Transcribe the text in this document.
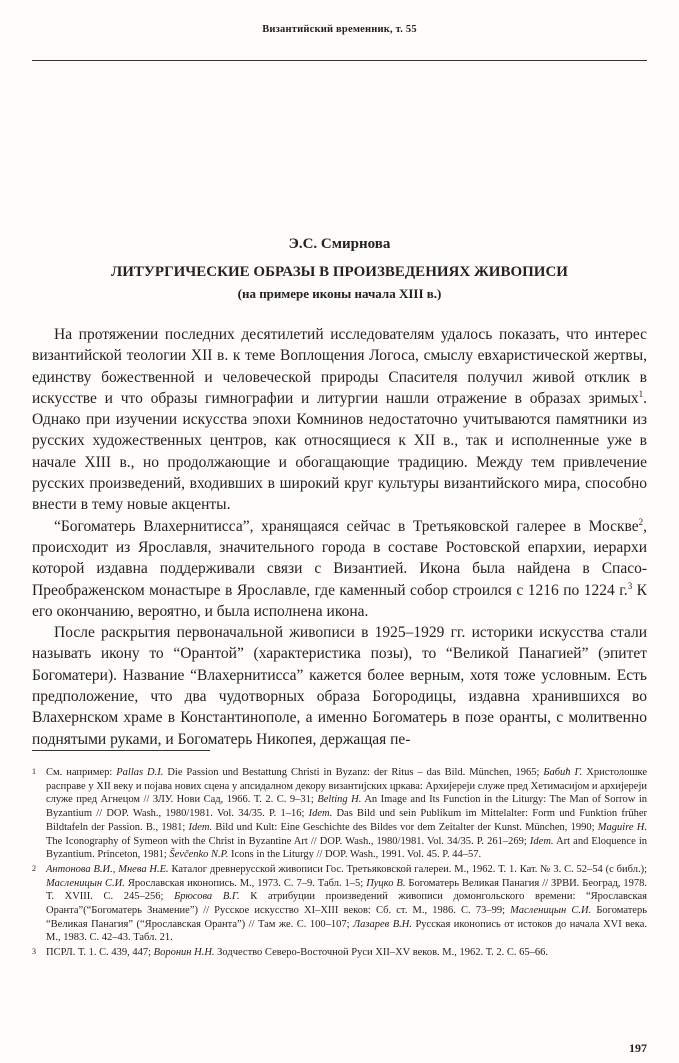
Византийский временник, т. 55
Э.С. Смирнова
ЛИТУРГИЧЕСКИЕ ОБРАЗЫ В ПРОИЗВЕДЕНИЯХ ЖИВОПИСИ
(на примере иконы начала XIII в.)

На протяжении последних десятилетий исследователям удалось показать, что интерес византийской теологии XII в. к теме Воплощения Логоса, смыслу евхаристической жертвы, единству божественной и человеческой природы Спасителя получил живой отклик в искусстве и что образы гимнографии и литургии нашли отражение в образах зримых$^1$. Однако при изучении искусства эпохи Комнинов недостаточно учитываются памятники из русских художественных центров, как относящиеся к XII в., так и исполненные уже в начале XIII в., но продолжающие и обогащающие традицию. Между тем привлечение русских произведений, входивших в широкий круг культуры византийского мира, способно внести в тему новые акценты.

“Богоматерь Влахернитисса”, хранящаяся сейчас в Третьяковской галерее в Москве$^2$, происходит из Ярославля, значительного города в составе Ростовской епархии, иерархи которой издавна поддерживали связи с Византией. Икона была найдена в Спасо-Преображенском монастыре в Ярославле, где каменный собор строился с 1216 по 1224 г.$^3$ К его окончанию, вероятно, и была исполнена икона.

После раскрытия первоначальной живописи в 1925–1929 гг. историки искусства стали называть икону то “Орантой” (характеристика позы), то “Великой Панагией” (эпитет Богоматери). Название “Влахернитисса” кажется более верным, хотя тоже условным. Есть предположение, что два чудотворных образа Богородицы, издавна хранившихся во Влахернском храме в Константинополе, а именно Богоматерь в позе оранты, с молитвенно поднятыми руками, и Богоматерь Никопея, держащая пе-

1 См. например: Pallas D.I. Die Passion und Bestattung Christi in Byzanz: der Ritus – das Bild. München, 1965; Бабић Г. Христолошке расправе у XII веку и појава нових сцена у апсидалном декору византијских цркава: Архијереји служе пред Хетимасијом и архијереји служе пред Агнецом // ЗЛУ. Нови Сад, 1966. Т. 2. С. 9–31; Belting H. An Image and Its Function in the Liturgy: The Man of Sorrow in Byzantium // DOP. Wash., 1980/1981. Vol. 34/35. P. 1–16; Idem. Das Bild und sein Publikum im Mittelalter: Form und Funktion früher Bildtafeln der Passion. B., 1981; Idem. Bild und Kult: Eine Geschichte des Bildes vor dem Zeitalter der Kunst. München, 1990; Maguire H. The Iconography of Symeon with the Christ in Byzantine Art // DOP. Wash., 1980/1981. Vol. 34/35. P. 261–269; Idem. Art and Eloquence in Byzantium. Princeton, 1981; Ševčenko N.P. Icons in the Liturgy // DOP. Wash., 1991. Vol. 45. P. 44–57.
2 Антонова В.И., Мнева Н.Е. Каталог древнерусской живописи Гос. Третьяковской галереи. М., 1962. Т. 1. Кат. № 3. С. 52–54 (с библ.); Масленицын С.И. Ярославская иконопись. М., 1973. С. 7–9. Табл. 1–5; Пуцко В. Богоматерь Великая Панагия // ЗРВИ. Београд, 1978. Т. XVIII. С. 245–256; Брюсова В.Г. К атрибуции произведений живописи домонгольского времени: “Ярославская Оранта”(“Богоматерь Знамение”) // Русское искусство XI–XIII веков: Сб. ст. М., 1986. С. 73–99; Масленицын С.И. Богоматерь “Великая Панагия” (“Ярославская Оранта”) // Там же. С. 100–107; Лазарев В.Н. Русская иконопись от истоков до начала XVI века. М., 1983. С. 42–43. Табл. 21.
3 ПСРЛ. Т. 1. С. 439, 447; Воронин Н.Н. Зодчество Северо-Восточной Руси XII–XV веков. М., 1962. Т. 2. С. 65–66.
197
